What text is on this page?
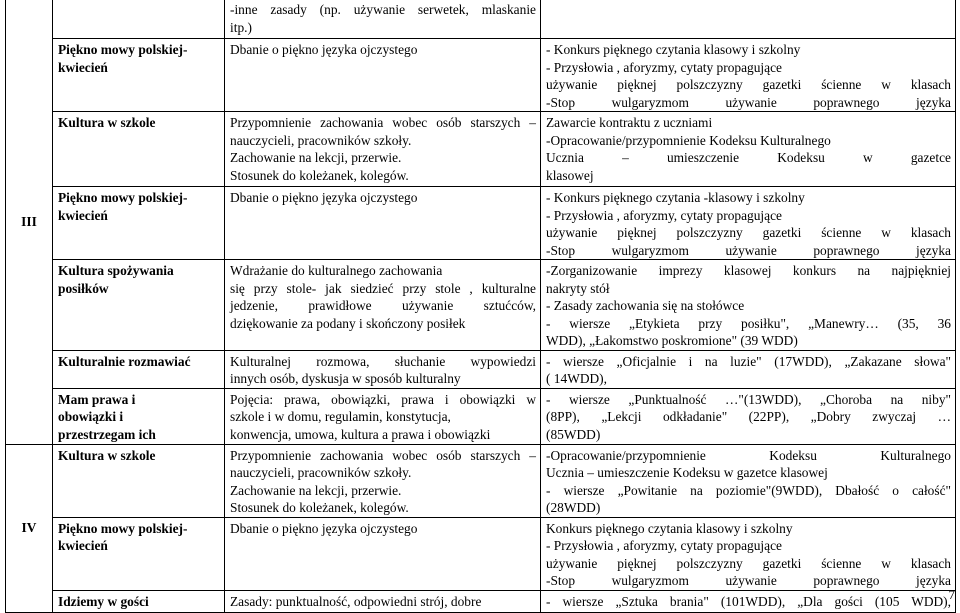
III		-inne zasady (np. używanie serwetek, mlaskanie
itp.)	

	Piękno mowy polskiej-
kwiecień	Dbanie o piękno języka ojczystego	- Konkurs pięknego czytania klasowy i szkolny
- Przysłowia , aforyzmy, cytaty propagujące
używanie pięknej polszczyzny gazetki ścienne w klasach
-Stop wulgaryzmom używanie poprawnego języka

	Kultura w szkole	Przypomnienie zachowania wobec osób starszych –
nauczycieli, pracowników szkoły.
Zachowanie na lekcji, przerwie.
Stosunek do koleżanek, kolegów.	Zawarcie kontraktu z uczniami
-Opracowanie/przypomnienie Kodeksu Kulturalnego
Ucznia – umieszczenie Kodeksu w gazetce
klasowej

	Piękno mowy polskiej-
kwiecień	Dbanie o piękno języka ojczystego	- Konkurs pięknego czytania -klasowy i szkolny
- Przysłowia , aforyzmy, cytaty propagujące
używanie pięknej polszczyzny gazetki ścienne w klasach
-Stop wulgaryzmom używanie poprawnego języka

	Kultura spożywania
posiłków	Wdrażanie do kulturalnego zachowania
się przy stole- jak siedzieć przy stole , kulturalne
jedzenie, prawidłowe używanie sztućców,
dziękowanie za podany i skończony posiłek	-Zorganizowanie imprezy klasowej konkurs na najpiękniej
nakryty stół
- Zasady zachowania się na stołówce
- wiersze „Etykieta przy posiłku", „Manewry… (35, 36
WDD), „Łakomstwo poskromione" (39 WDD)

	Kulturalnie rozmawiać	Kulturalnej rozmowa, słuchanie wypowiedzi
innych osób, dyskusja w sposób kulturalny	- wiersze „Oficjalnie i na luzie" (17WDD), „Zakazane słowa"
( 14WDD),

	Mam prawa i
obowiązki i
przestrzegam ich	Pojęcia: prawa, obowiązki, prawa i obowiązki w
szkole i w domu, regulamin, konstytucja,
konwencja, umowa, kultura a prawa i obowiązki	- wiersze „Punktualność …"(13WDD), „Choroba na niby"
(8PP), „Lekcji odkładanie" (22PP), „Dobry zwyczaj …
(85WDD)

IV	Kultura w szkole	Przypomnienie zachowania wobec osób starszych –
nauczycieli, pracowników szkoły.
Zachowanie na lekcji, przerwie.
Stosunek do koleżanek, kolegów.	-Opracowanie/przypomnienie Kodeksu Kulturalnego
Ucznia – umieszczenie Kodeksu w gazetce klasowej
- wiersze „Powitanie na poziomie"(9WDD), Dbałość o całość"
(28WDD)

	Piękno mowy polskiej-
kwiecień	Dbanie o piękno języka ojczystego	Konkurs pięknego czytania klasowy i szkolny
- Przysłowia , aforyzmy, cytaty propagujące
używanie pięknej polszczyzny gazetki ścienne w klasach
-Stop wulgaryzmom używanie poprawnego języka

	Idziemy w gości	Zasady: punktualność, odpowiedni strój, dobre	- wiersze „Sztuka brania" (101WDD), „Dla gości (105 WDD),
7
